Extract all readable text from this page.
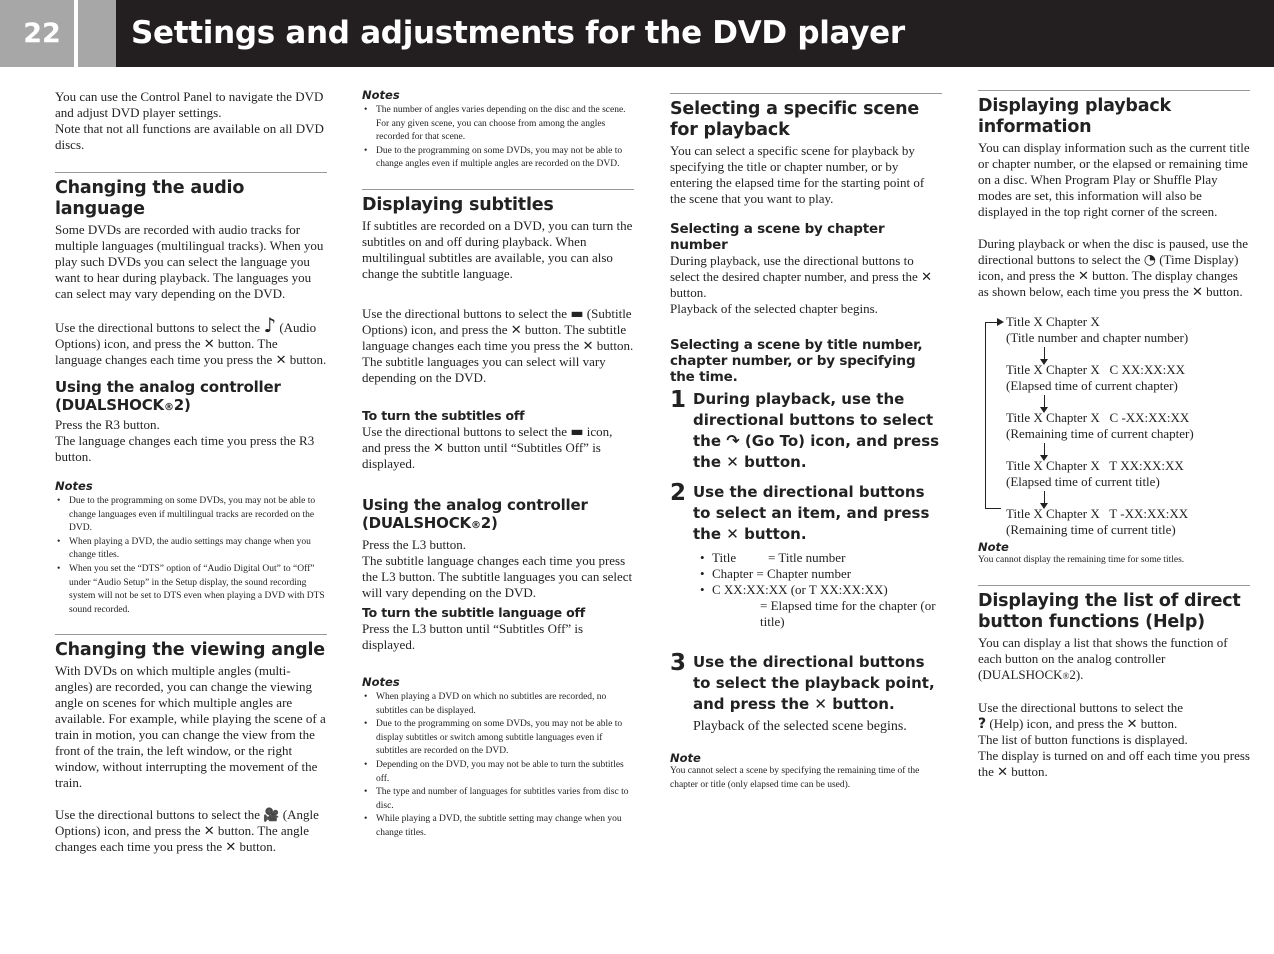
22	Settings and adjustments for the DVD player

You can use the Control Panel to navigate the DVD and adjust DVD player settings.

Note that not all functions are available on all DVD discs.

Changing the audio language

Some DVDs are recorded with audio tracks for multiple languages (multilingual tracks). When you play such DVDs you can select the language you want to hear during playback. The languages you can select may vary depending on the DVD.

Use the directional buttons to select the ♪ (Audio Options) icon, and press the ✕ button. The language changes each time you press the ✕ button.

Using the analog controller (DUALSHOCK®2)

Press the R3 button.

The language changes each time you press the R3 button.

Notes
• Due to the programming on some DVDs, you may not be able to change languages even if multilingual tracks are recorded on the DVD.
• When playing a DVD, the audio settings may change when you change titles.
• When you set the “DTS” option of “Audio Digital Out” to “Off” under “Audio Setup” in the Setup display, the sound recording system will not be set to DTS even when playing a DVD with DTS sound recorded.
Changing the viewing angle

With DVDs on which multiple angles (multi-angles) are recorded, you can change the viewing angle on scenes for which multiple angles are available. For example, while playing the scene of a train in motion, you can change the view from the front of the train, the left window, or the right window, without interrupting the movement of the train.

Use the directional buttons to select the 🎥 (Angle Options) icon, and press the ✕ button. The angle changes each time you press the ✕ button.

Notes
• The number of angles varies depending on the disc and the scene. For any given scene, you can choose from among the angles recorded for that scene.
• Due to the programming on some DVDs, you may not be able to change angles even if multiple angles are recorded on the DVD.
Displaying subtitles

If subtitles are recorded on a DVD, you can turn the subtitles on and off during playback. When multilingual subtitles are available, you can also change the subtitle language.

Use the directional buttons to select the ▬ (Subtitle Options) icon, and press the ✕ button. The subtitle language changes each time you press the ✕ button. The subtitle languages you can select will vary depending on the DVD.

To turn the subtitles off

Use the directional buttons to select the ▬ icon, and press the ✕ button until “Subtitles Off” is displayed.

Using the analog controller (DUALSHOCK®2)

Press the L3 button.

The subtitle language changes each time you press the L3 button. The subtitle languages you can select will vary depending on the DVD.

To turn the subtitle language off

Press the L3 button until “Subtitles Off” is displayed.

Notes
• When playing a DVD on which no subtitles are recorded, no subtitles can be displayed.
• Due to the programming on some DVDs, you may not be able to display subtitles or switch among subtitle languages even if subtitles are recorded on the DVD.
• Depending on the DVD, you may not be able to turn the subtitles off.
• The type and number of languages for subtitles varies from disc to disc.
• While playing a DVD, the subtitle setting may change when you change titles.
Selecting a specific scene for playback

You can select a specific scene for playback by specifying the title or chapter number, or by entering the elapsed time for the starting point of the scene that you want to play.

Selecting a scene by chapter number

During playback, use the directional buttons to select the desired chapter number, and press the ✕ button.

Playback of the selected chapter begins.

Selecting a scene by title number, chapter number, or by specifying the time.
1 During playback, use the directional buttons to select the ↷ (Go To) icon, and press the ✕ button.
2 Use the directional buttons to select an item, and press the ✕ button.
• Title = Title number
• Chapter = Chapter number
• C XX:XX:XX (or T XX:XX:XX)

= Elapsed time for the chapter (or title)
3 Use the directional buttons to select the playback point, and press the ✕ button.
Playback of the selected scene begins.
Note

You cannot select a scene by specifying the remaining time of the chapter or title (only elapsed time can be used).

Displaying playback information

You can display information such as the current title or chapter number, or the elapsed or remaining time on a disc. When Program Play or Shuffle Play modes are set, this information will also be displayed in the top right corner of the screen.

During playback or when the disc is paused, use the directional buttons to select the ◔ (Time Display) icon, and press the ✕ button. The display changes as shown below, each time you press the ✕ button.

Title X Chapter X
(Title number and chapter number)
Title X Chapter X   C XX:XX:XX
(Elapsed time of current chapter)
Title X Chapter X   C -XX:XX:XX
(Remaining time of current chapter)
Title X Chapter X   T XX:XX:XX
(Elapsed time of current title)
Title X Chapter X   T -XX:XX:XX
(Remaining time of current title)
Note

You cannot display the remaining time for some titles.

Displaying the list of direct button functions (Help)

You can display a list that shows the function of each button on the analog controller (DUALSHOCK®2).

Use the directional buttons to select the
? (Help) icon, and press the ✕ button.

The list of button functions is displayed.

The display is turned on and off each time you press the ✕ button.
